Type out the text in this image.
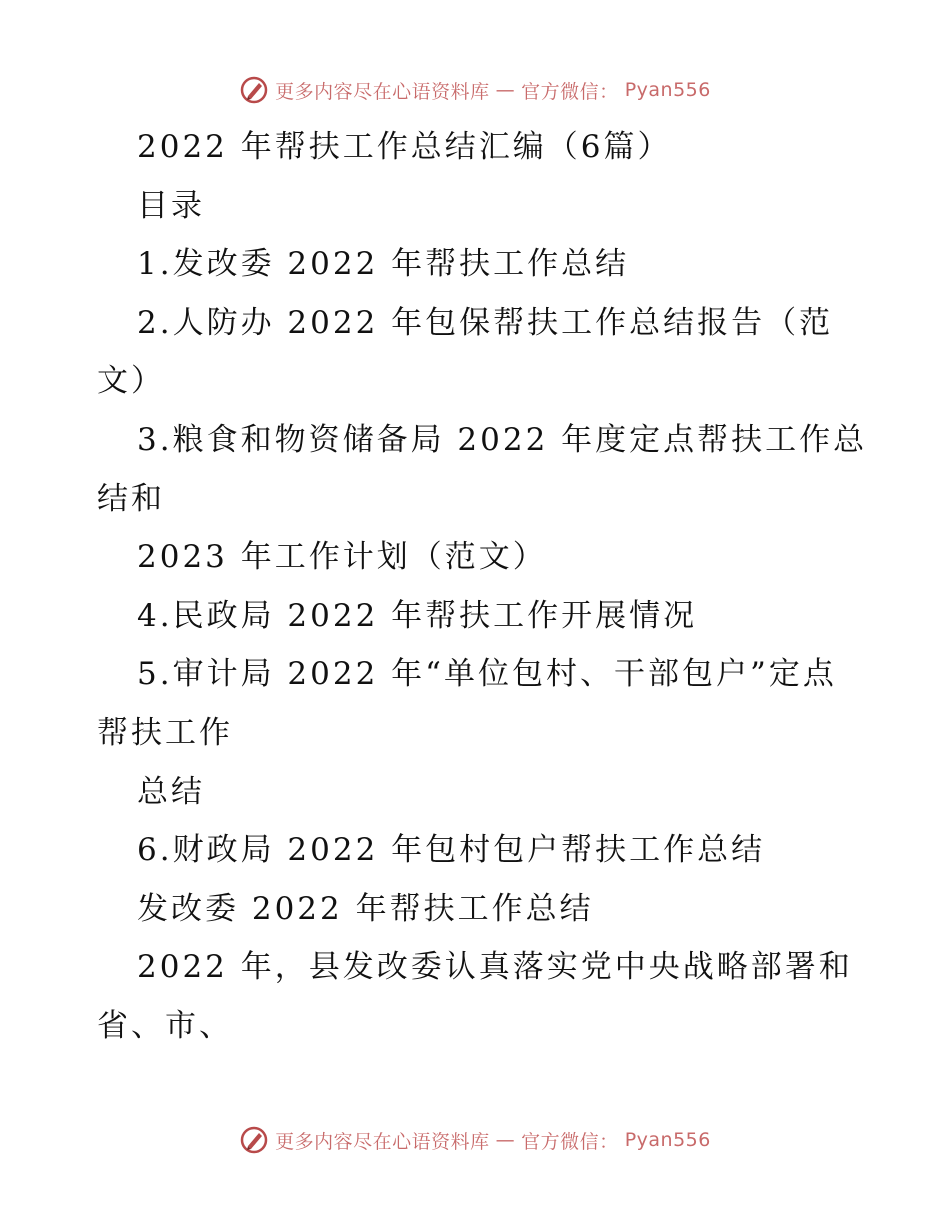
更多内容尽在心语资料库 — 官方微信： Pyan556
2022 年帮扶工作总结汇编（6篇）
目录
1.发改委 2022 年帮扶工作总结
2.人防办 2022 年包保帮扶工作总结报告（范
文）
3.粮食和物资储备局 2022 年度定点帮扶工作总
结和
2023 年工作计划（范文）
4.民政局 2022 年帮扶工作开展情况
5.审计局 2022 年“单位包村、干部包户”定点
帮扶工作
总结
6.财政局 2022 年包村包户帮扶工作总结
发改委 2022 年帮扶工作总结
2022 年，县发改委认真落实党中央战略部署和
省、市、
更多内容尽在心语资料库 — 官方微信： Pyan556
